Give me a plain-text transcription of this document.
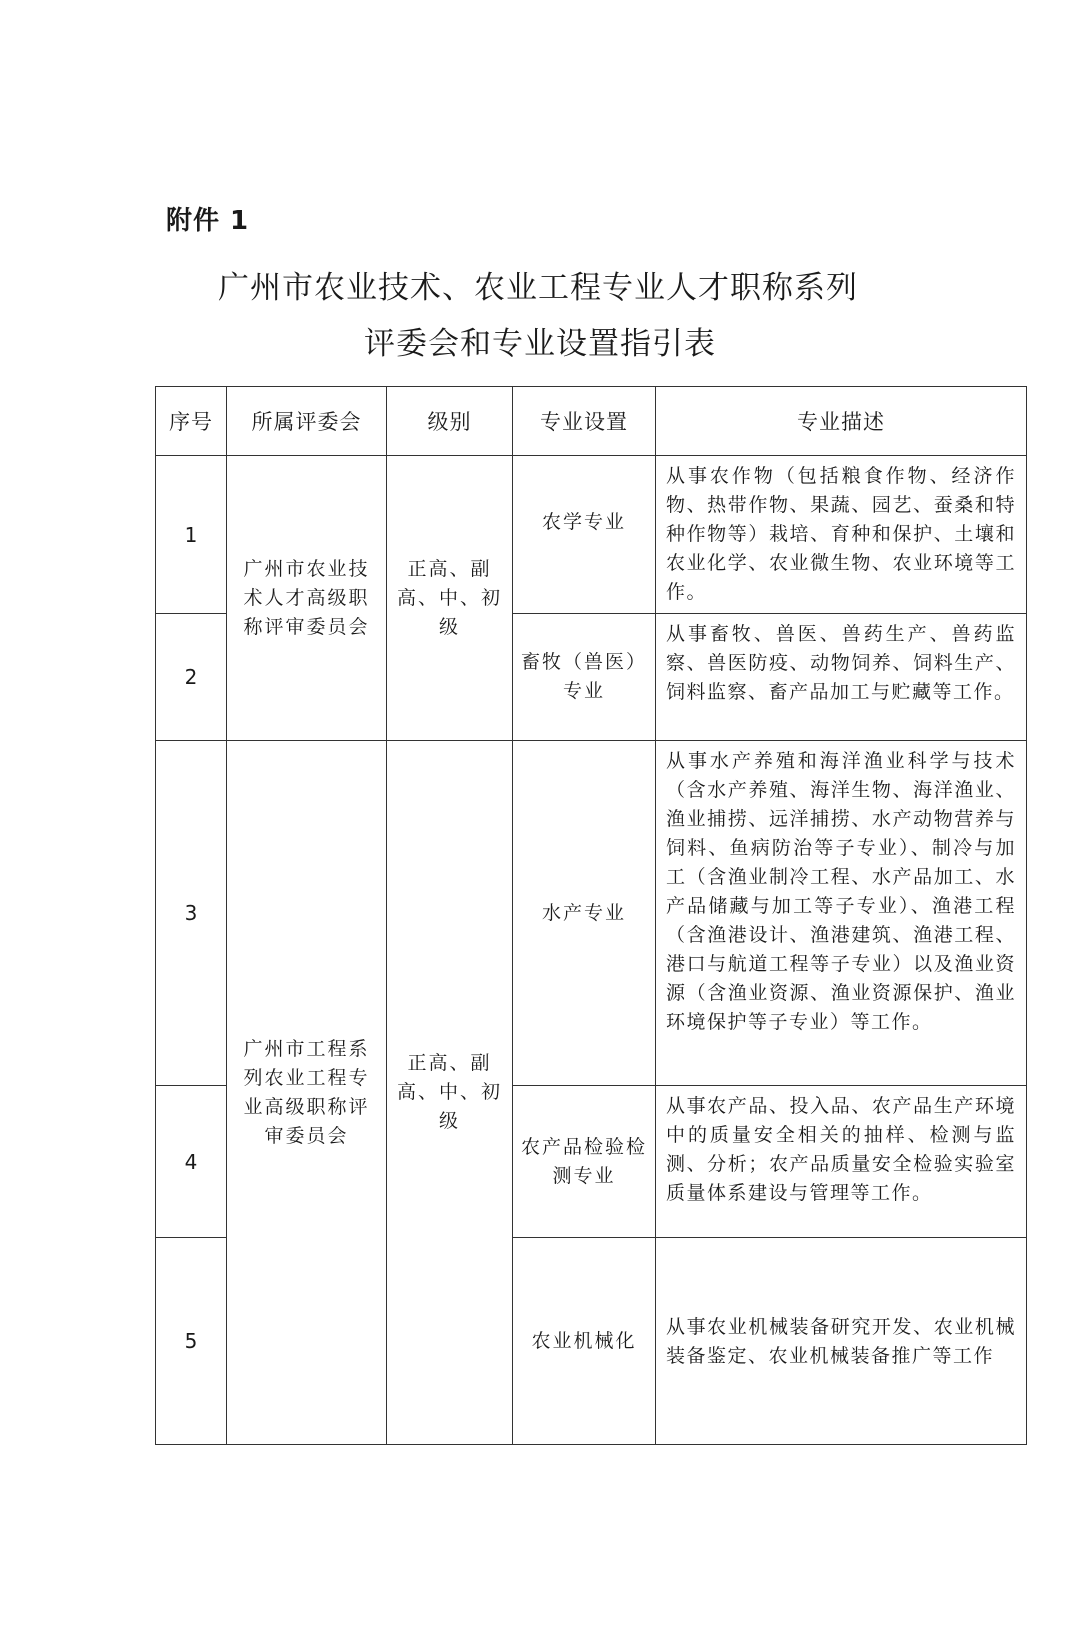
附件 1
广州市农业技术、农业工程专业人才职称系列
评委会和专业设置指引表
序号	所属评委会	级别	专业设置	专业描述
1	广州市农业技术人才高级职称评审委员会	正高、副高、中、初级	农学专业	从事农作物（包括粮食作物、经济作物、热带作物、果蔬、园艺、蚕桑和特种作物等）栽培、育种和保护、土壤和农业化学、农业微生物、农业环境等工作。
2			畜牧（兽医）专业	从事畜牧、兽医、兽药生产、兽药监察、兽医防疫、动物饲养、饲料生产、饲料监察、畜产品加工与贮藏等工作。
3	广州市工程系列农业工程专业高级职称评审委员会	正高、副高、中、初级	水产专业	从事水产养殖和海洋渔业科学与技术（含水产养殖、海洋生物、海洋渔业、渔业捕捞、远洋捕捞、水产动物营养与饲料、鱼病防治等子专业）、制冷与加工（含渔业制冷工程、水产品加工、水产品储藏与加工等子专业）、渔港工程（含渔港设计、渔港建筑、渔港工程、港口与航道工程等子专业）以及渔业资源（含渔业资源、渔业资源保护、渔业环境保护等子专业）等工作。
4			农产品检验检测专业	从事农产品、投入品、农产品生产环境中的质量安全相关的抽样、检测与监测、分析；农产品质量安全检验实验室质量体系建设与管理等工作。
5			农业机械化	从事农业机械装备研究开发、农业机械装备鉴定、农业机械装备推广等工作
